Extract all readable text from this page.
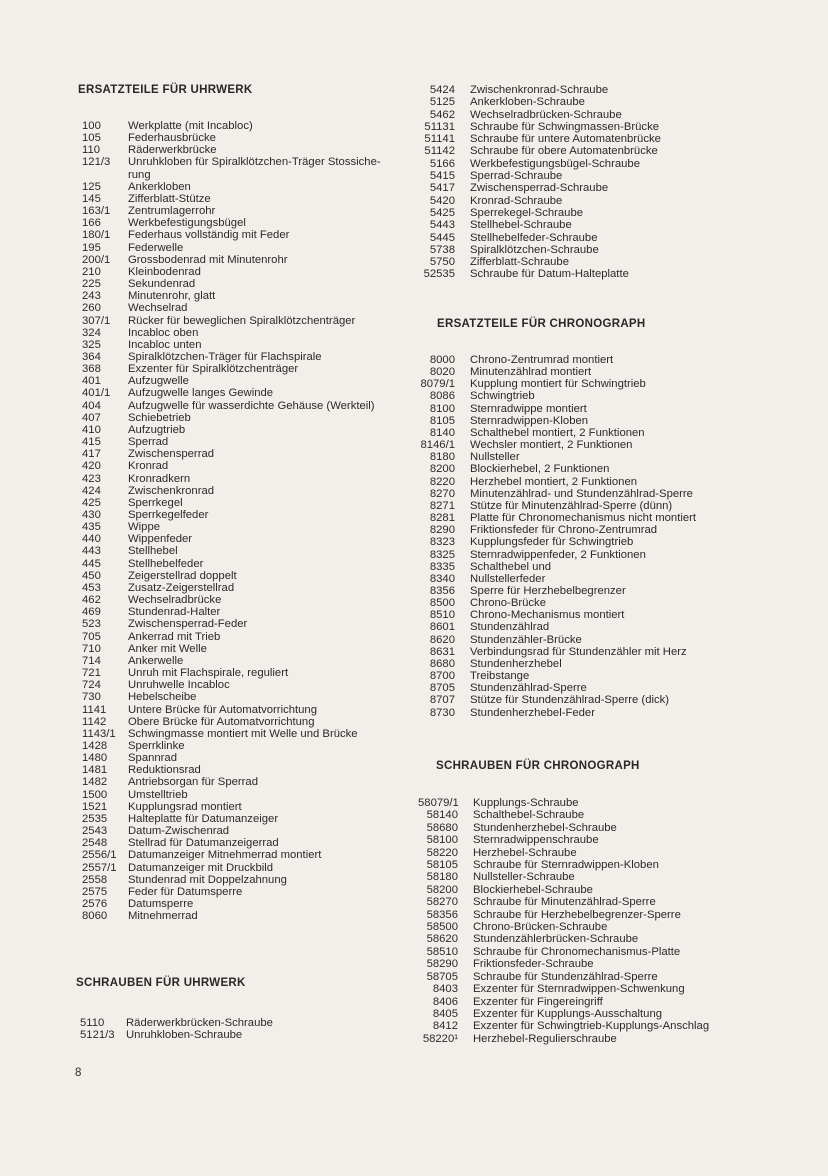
ERSATZTEILE FÜR UHRWERK
100	Werkplatte (mit Incabloc)
105	Federhausbrücke
110	Räderwerkbrücke
121/3	Unruhkloben für Spiralklötzchen-Träger Stossiche-
rung
125	Ankerkloben
145	Zifferblatt-Stütze
163/1	Zentrumlagerrohr
166	Werkbefestigungsbügel
180/1	Federhaus vollständig mit Feder
195	Federwelle
200/1	Grossbodenrad mit Minutenrohr
210	Kleinbodenrad
225	Sekundenrad
243	Minutenrohr, glatt
260	Wechselrad
307/1	Rücker für beweglichen Spiralklötzchenträger
324	Incabloc oben
325	Incabloc unten
364	Spiralklötzchen-Träger für Flachspirale
368	Exzenter für Spiralklötzchenträger
401	Aufzugwelle
401/1	Aufzugwelle langes Gewinde
404	Aufzugwelle für wasserdichte Gehäuse (Werkteil)
407	Schiebetrieb
410	Aufzugtrieb
415	Sperrad
417	Zwischensperrad
420	Kronrad
423	Kronradkern
424	Zwischenkronrad
425	Sperrkegel
430	Sperrkegelfeder
435	Wippe
440	Wippenfeder
443	Stellhebel
445	Stellhebelfeder
450	Zeigerstellrad doppelt
453	Zusatz-Zeigerstellrad
462	Wechselradbrücke
469	Stundenrad-Halter
523	Zwischensperrad-Feder
705	Ankerrad mit Trieb
710	Anker mit Welle
714	Ankerwelle
721	Unruh mit Flachspirale, reguliert
724	Unruhwelle Incabloc
730	Hebelscheibe
1141	Untere Brücke für Automatvorrichtung
1142	Obere Brücke für Automatvorrichtung
1143/1	Schwingmasse montiert mit Welle und Brücke
1428	Sperrklinke
1480	Spannrad
1481	Reduktionsrad
1482	Antriebsorgan für Sperrad
1500	Umstelltrieb
1521	Kupplungsrad montiert
2535	Halteplatte für Datumanzeiger
2543	Datum-Zwischenrad
2548	Stellrad für Datumanzeigerrad
2556/1	Datumanzeiger Mitnehmerrad montiert
2557/1	Datumanzeiger mit Druckbild
2558	Stundenrad mit Doppelzahnung
2575	Feder für Datumsperre
2576	Datumsperre
8060	Mitnehmerrad
SCHRAUBEN FÜR UHRWERK
5110	Räderwerkbrücken-Schraube
5121/3	Unruhkloben-Schraube
5424	Zwischenkronrad-Schraube
5125	Ankerkloben-Schraube
5462	Wechselradbrücken-Schraube
51131	Schraube für Schwingmassen-Brücke
51141	Schraube für untere Automatenbrücke
51142	Schraube für obere Automatenbrücke
5166	Werkbefestigungsbügel-Schraube
5415	Sperrad-Schraube
5417	Zwischensperrad-Schraube
5420	Kronrad-Schraube
5425	Sperrekegel-Schraube
5443	Stellhebel-Schraube
5445	Stellhebelfeder-Schraube
5738	Spiralklötzchen-Schraube
5750	Zifferblatt-Schraube
52535	Schraube für Datum-Halteplatte
ERSATZTEILE FÜR CHRONOGRAPH
8000	Chrono-Zentrumrad montiert
8020	Minutenzählrad montiert
8079/1	Kupplung montiert für Schwingtrieb
8086	Schwingtrieb
8100	Sternradwippe montiert
8105	Sternradwippen-Kloben
8140	Schalthebel montiert, 2 Funktionen
8146/1	Wechsler montiert, 2 Funktionen
8180	Nullsteller
8200	Blockierhebel, 2 Funktionen
8220	Herzhebel montiert, 2 Funktionen
8270	Minutenzählrad- und Stundenzählrad-Sperre
8271	Stütze für Minutenzählrad-Sperre (dünn)
8281	Platte für Chronomechanismus nicht montiert
8290	Friktionsfeder für Chrono-Zentrumrad
8323	Kupplungsfeder für Schwingtrieb
8325	Sternradwippenfeder, 2 Funktionen
8335	Schalthebel und
8340	Nullstellerfeder
8356	Sperre für Herzhebelbegrenzer
8500	Chrono-Brücke
8510	Chrono-Mechanismus montiert
8601	Stundenzählrad
8620	Stundenzähler-Brücke
8631	Verbindungsrad für Stundenzähler mit Herz
8680	Stundenherzhebel
8700	Treibstange
8705	Stundenzählrad-Sperre
8707	Stütze für Stundenzählrad-Sperre (dick)
8730	Stundenherzhebel-Feder
SCHRAUBEN FÜR CHRONOGRAPH
58079/1	Kupplungs-Schraube
58140	Schalthebel-Schraube
58680	Stundenherzhebel-Schraube
58100	Sternradwippenschraube
58220	Herzhebel-Schraube
58105	Schraube für Sternradwippen-Kloben
58180	Nullsteller-Schraube
58200	Blockierhebel-Schraube
58270	Schraube für Minutenzählrad-Sperre
58356	Schraube für Herzhebelbegrenzer-Sperre
58500	Chrono-Brücken-Schraube
58620	Stundenzählerbrücken-Schraube
58510	Schraube für Chronomechanismus-Platte
58290	Friktionsfeder-Schraube
58705	Schraube für Stundenzählrad-Sperre
8403	Exzenter für Sternradwippen-Schwenkung
8406	Exzenter für Fingereingriff
8405	Exzenter für Kupplungs-Ausschaltung
8412	Exzenter für Schwingtrieb-Kupplungs-Anschlag
58220¹	Herzhebel-Regulierschraube
8
